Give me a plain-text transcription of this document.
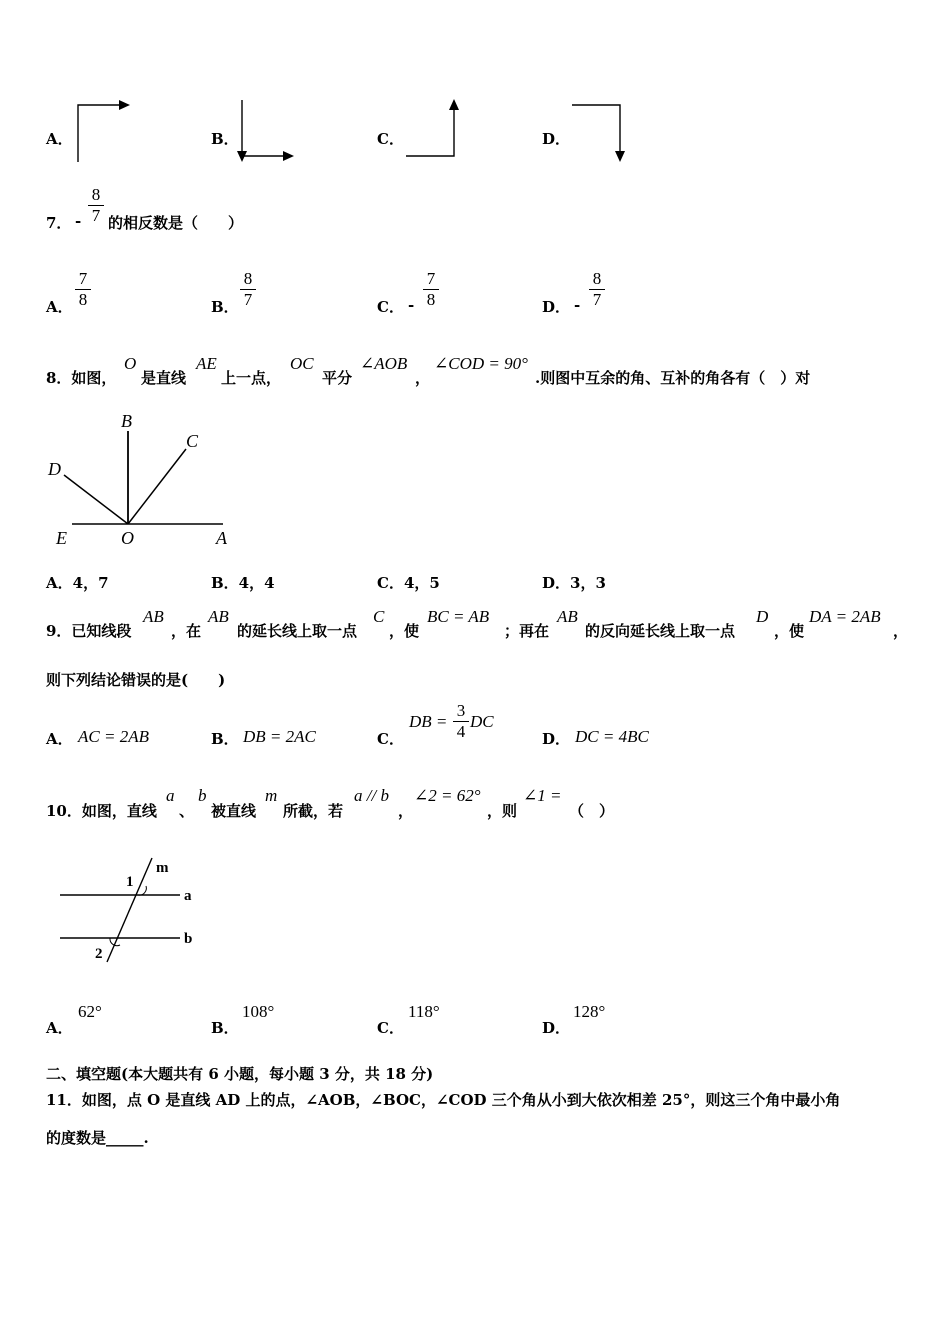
A．	B．	C．	D．
7． -
8
7 的相反数是（　　）
A．
7
8	B．
8
7	C． -
7
8	D． -
8
7
8．如图，
O
是直线
AE
上一点，
OC
平分
∠AOB
，
∠COD = 90°
.则图中互余的角、互补的角各有（　）对
B
C
D
E	O	A
A．4，7	B．4，4	C．4，5	D．3，3
9．已知线段
AB
，在
AB
的延长线上取一点
C
，使
BC = AB
；再在
AB
的反向延长线上取一点
D
，使
DA = 2AB
，
则下列结论错误的是(　　)
A． AC = 2AB	B． DB = 2AC	C．
DB =
3
4
DC
D． DC = 4BC
10．如图，直线
a
、
b
被直线
m
所截，若
a // b
，
∠2 = 62°
，则
∠1 =
（　）
m
1
a
b
2
A．
62°
B．
108°
C．
118°
D．
128°
二、填空题(本大题共有 6 小题，每小题 3 分，共 18 分)
11．如图，点 O 是直线 AD 上的点，∠AOB，∠BOC，∠COD 三个角从小到大依次相差 25°，则这三个角中最小角
的度数是_____.
